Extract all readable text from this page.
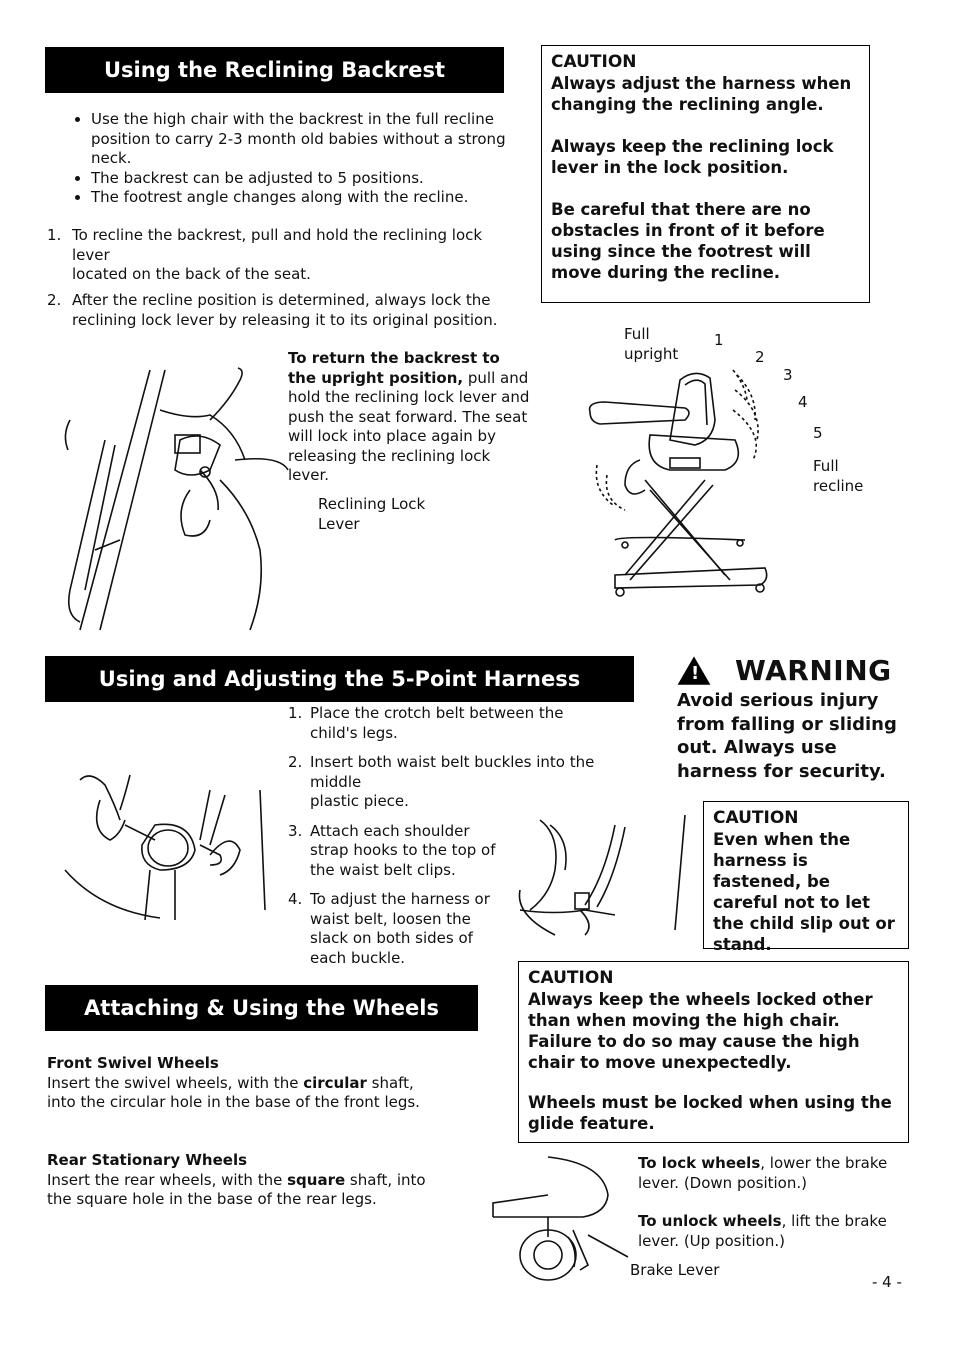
Using the Reclining Backrest
• Use the high chair with the backrest in the full recline position to carry 2-3 month old babies without a strong neck.
• The backrest can be adjusted to 5 positions.
• The footrest angle changes along with the recline.
1. To recline the backrest, pull and hold the reclining lock lever
located on the back of the seat.
2. After the recline position is determined, always lock the reclining lock lever by releasing it to its original position.
To return the backrest to the upright position, pull and hold the reclining lock lever and push the seat forward. The seat will lock into place again by releasing the reclining lock lever.
Reclining Lock Lever
CAUTION

Always adjust the harness when changing the reclining angle.

Always keep the reclining lock lever in the lock position.

Be careful that there are no obstacles in front of it before using since the footrest will move during the recline.

Full upright
1
2
3
4
5
Full recline
Using and Adjusting the 5-Point Harness
1. Place the crotch belt between the child's legs.
2. Insert both waist belt buckles into the middle
plastic piece.
3. Attach each shoulder strap hooks to the top of the waist belt clips.
4. To adjust the harness or waist belt, loosen the slack on both sides of each buckle.
! WARNING
Avoid serious injury from falling or sliding out. Always use harness for security.
CAUTION

Even when the harness is fastened, be careful not to let the child slip out or stand.

Attaching & Using the Wheels
Front Swivel Wheels
Insert the swivel wheels, with the circular shaft, into the circular hole in the base of the front legs.
Rear Stationary Wheels
Insert the rear wheels, with the square shaft, into the square hole in the base of the rear legs.
CAUTION

Always keep the wheels locked other than when moving the high chair. Failure to do so may cause the high chair to move unexpectedly.

Wheels must be locked when using the glide feature.

To lock wheels, lower the brake lever. (Down position.)
To unlock wheels, lift the brake lever. (Up position.)
Brake Lever
- 4 -
